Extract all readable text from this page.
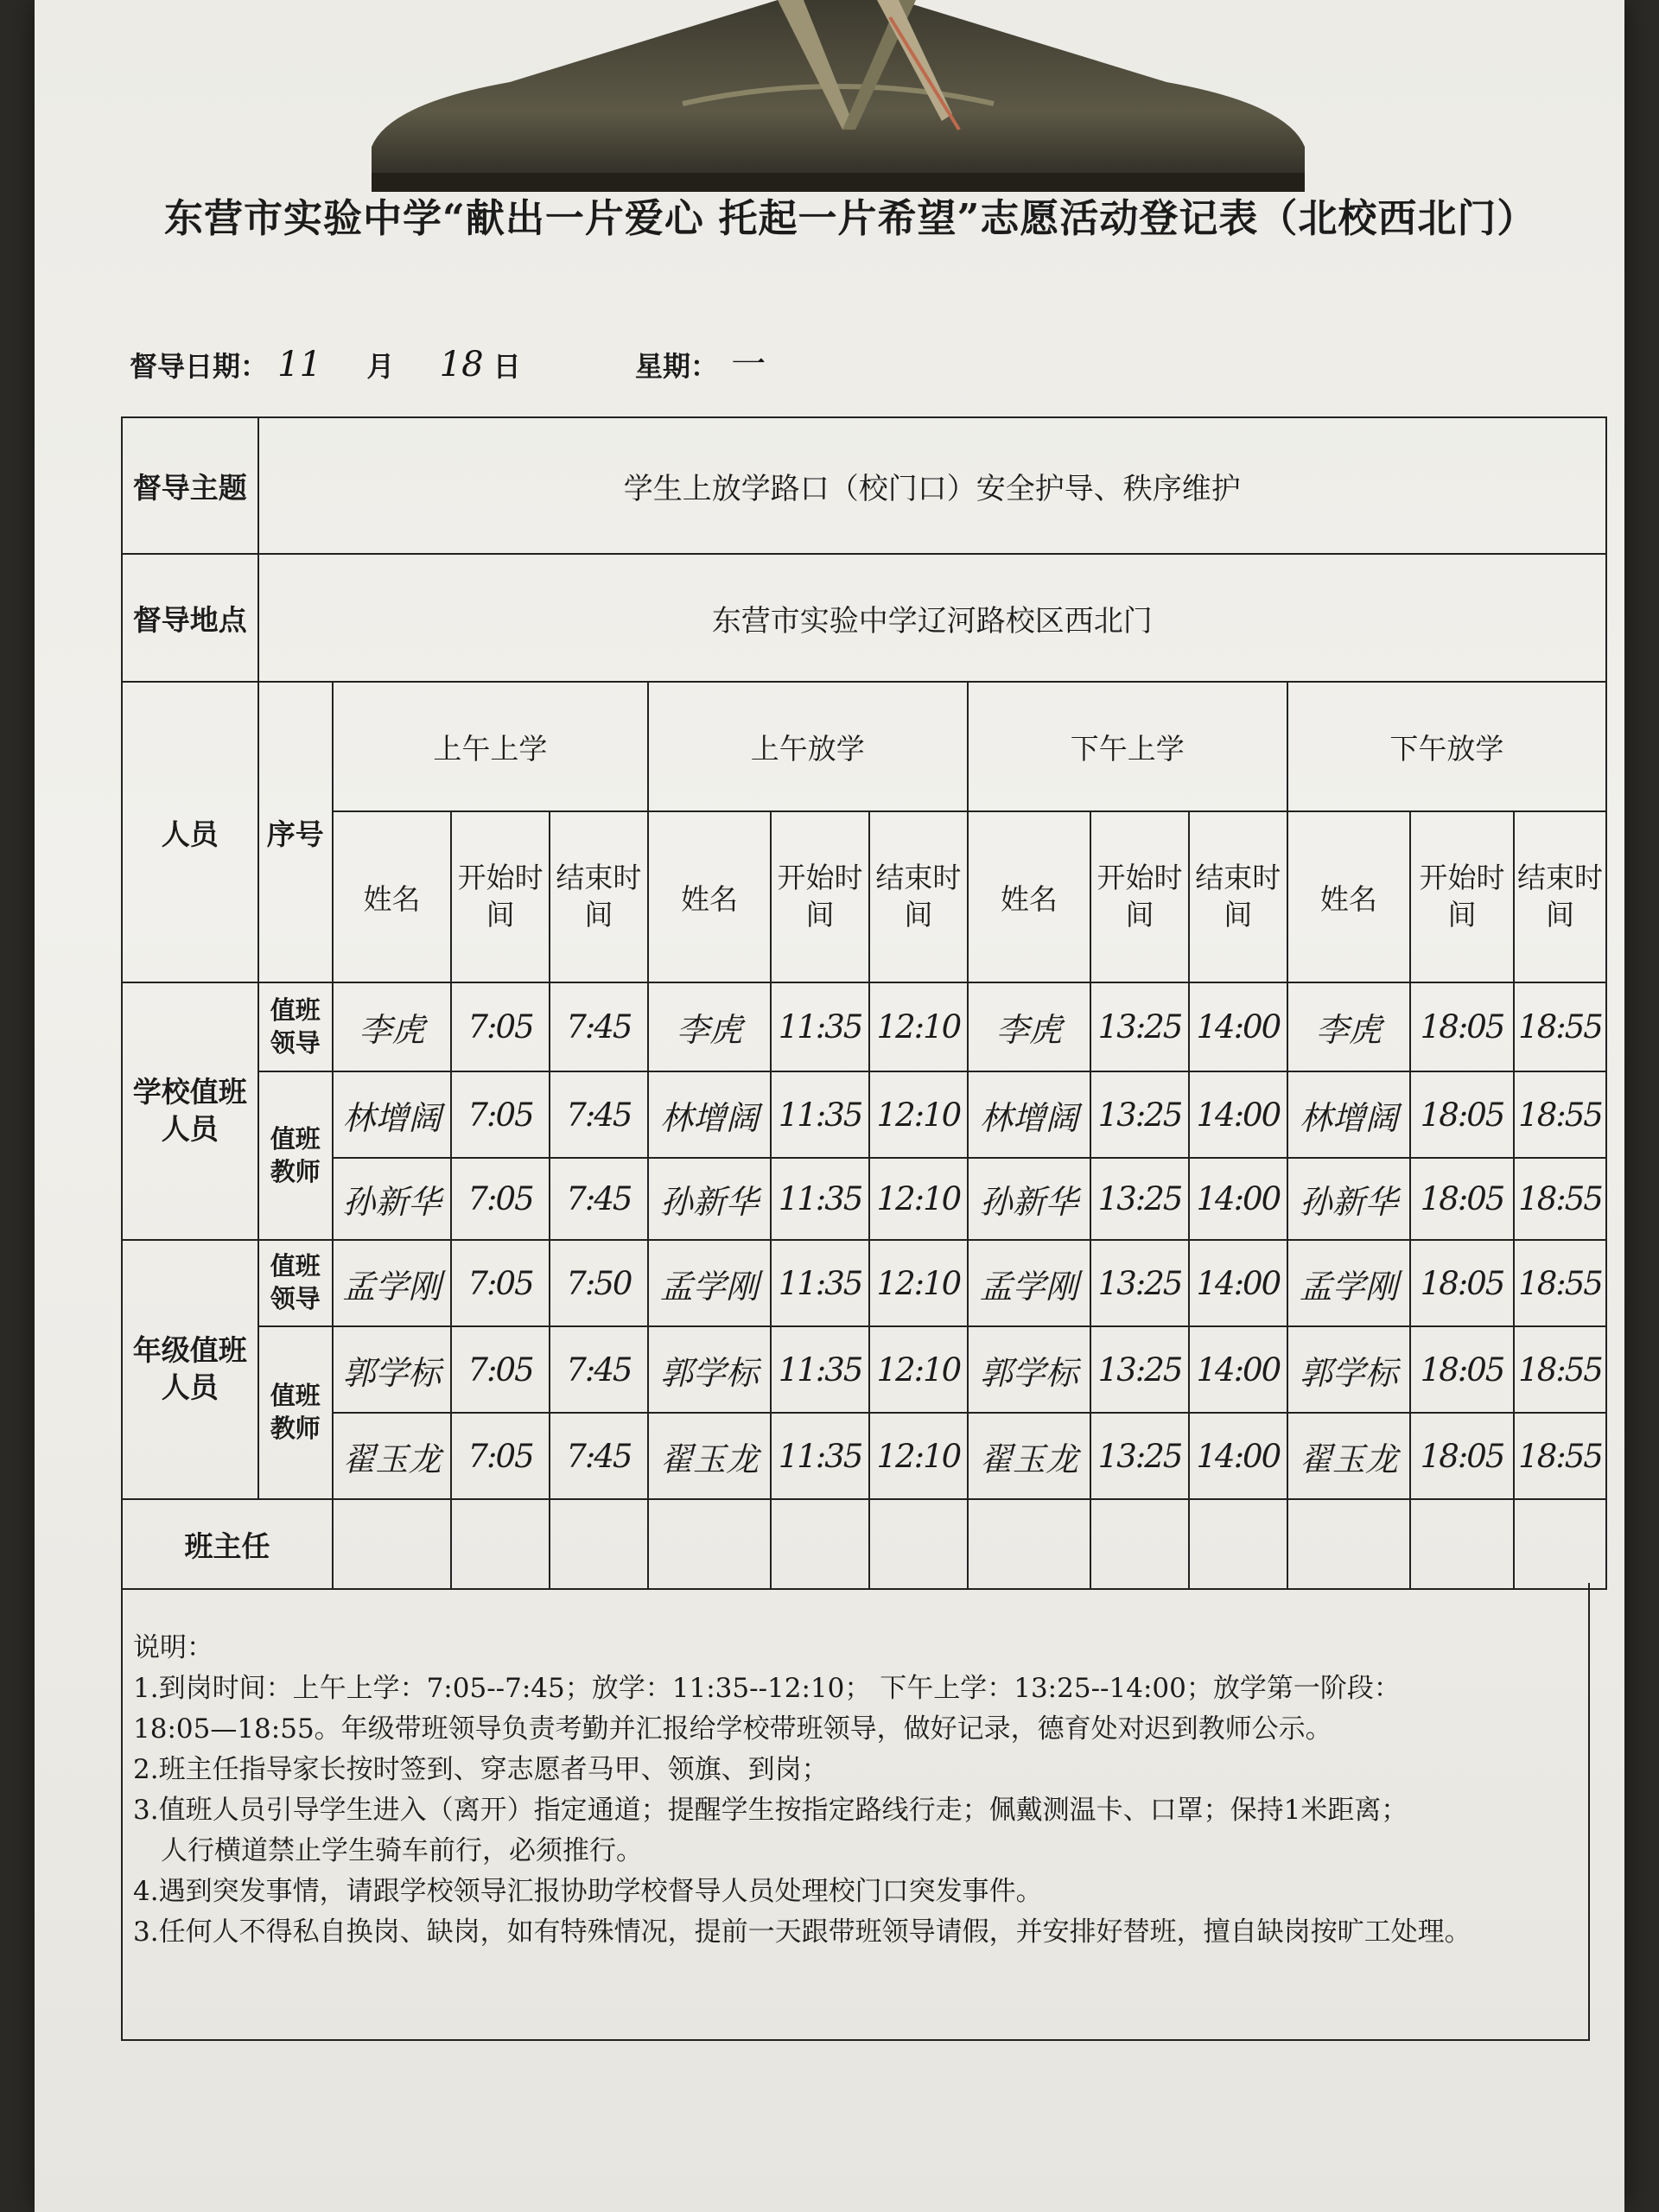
东营市实验中学“献出一片爱心 托起一片希望”志愿活动登记表（北校西北门）
督导日期： 11 月 18 日	星期： 一
督导主题	学生上放学路口（校门口）安全护导、秩序维护												
督导地点	东营市实验中学辽河路校区西北门												
人员	序号	上午上学			上午放学			下午上学			下午放学		
		姓名	开始时间	结束时间	姓名	开始时间	结束时间	姓名	开始时间	结束时间	姓名	开始时间	结束时间
学校值班人员	值班领导	李虎	7:05	7:45	李虎	11:35	12:10	李虎	13:25	14:00	李虎	18:05	18:55
	值班教师	林增阔	7:05	7:45	林增阔	11:35	12:10	林增阔	13:25	14:00	林增阔	18:05	18:55
		孙新华	7:05	7:45	孙新华	11:35	12:10	孙新华	13:25	14:00	孙新华	18:05	18:55
年级值班人员	值班领导	孟学刚	7:05	7:50	孟学刚	11:35	12:10	孟学刚	13:25	14:00	孟学刚	18:05	18:55
	值班教师	郭学标	7:05	7:45	郭学标	11:35	12:10	郭学标	13:25	14:00	郭学标	18:05	18:55
		翟玉龙	7:05	7:45	翟玉龙	11:35	12:10	翟玉龙	13:25	14:00	翟玉龙	18:05	18:55
班主任													
说明：
1.到岗时间：上午上学：7:05--7:45；放学：11:35--12:10； 下午上学：13:25--14:00；放学第一阶段：
18:05—18:55。年级带班领导负责考勤并汇报给学校带班领导，做好记录，德育处对迟到教师公示。
2.班主任指导家长按时签到、穿志愿者马甲、领旗、到岗；
3.值班人员引导学生进入（离开）指定通道；提醒学生按指定路线行走；佩戴测温卡、口罩；保持1米距离；
人行横道禁止学生骑车前行，必须推行。
4.遇到突发事情，请跟学校领导汇报协助学校督导人员处理校门口突发事件。
3.任何人不得私自换岗、缺岗，如有特殊情况，提前一天跟带班领导请假，并安排好替班，擅自缺岗按旷工处理。
